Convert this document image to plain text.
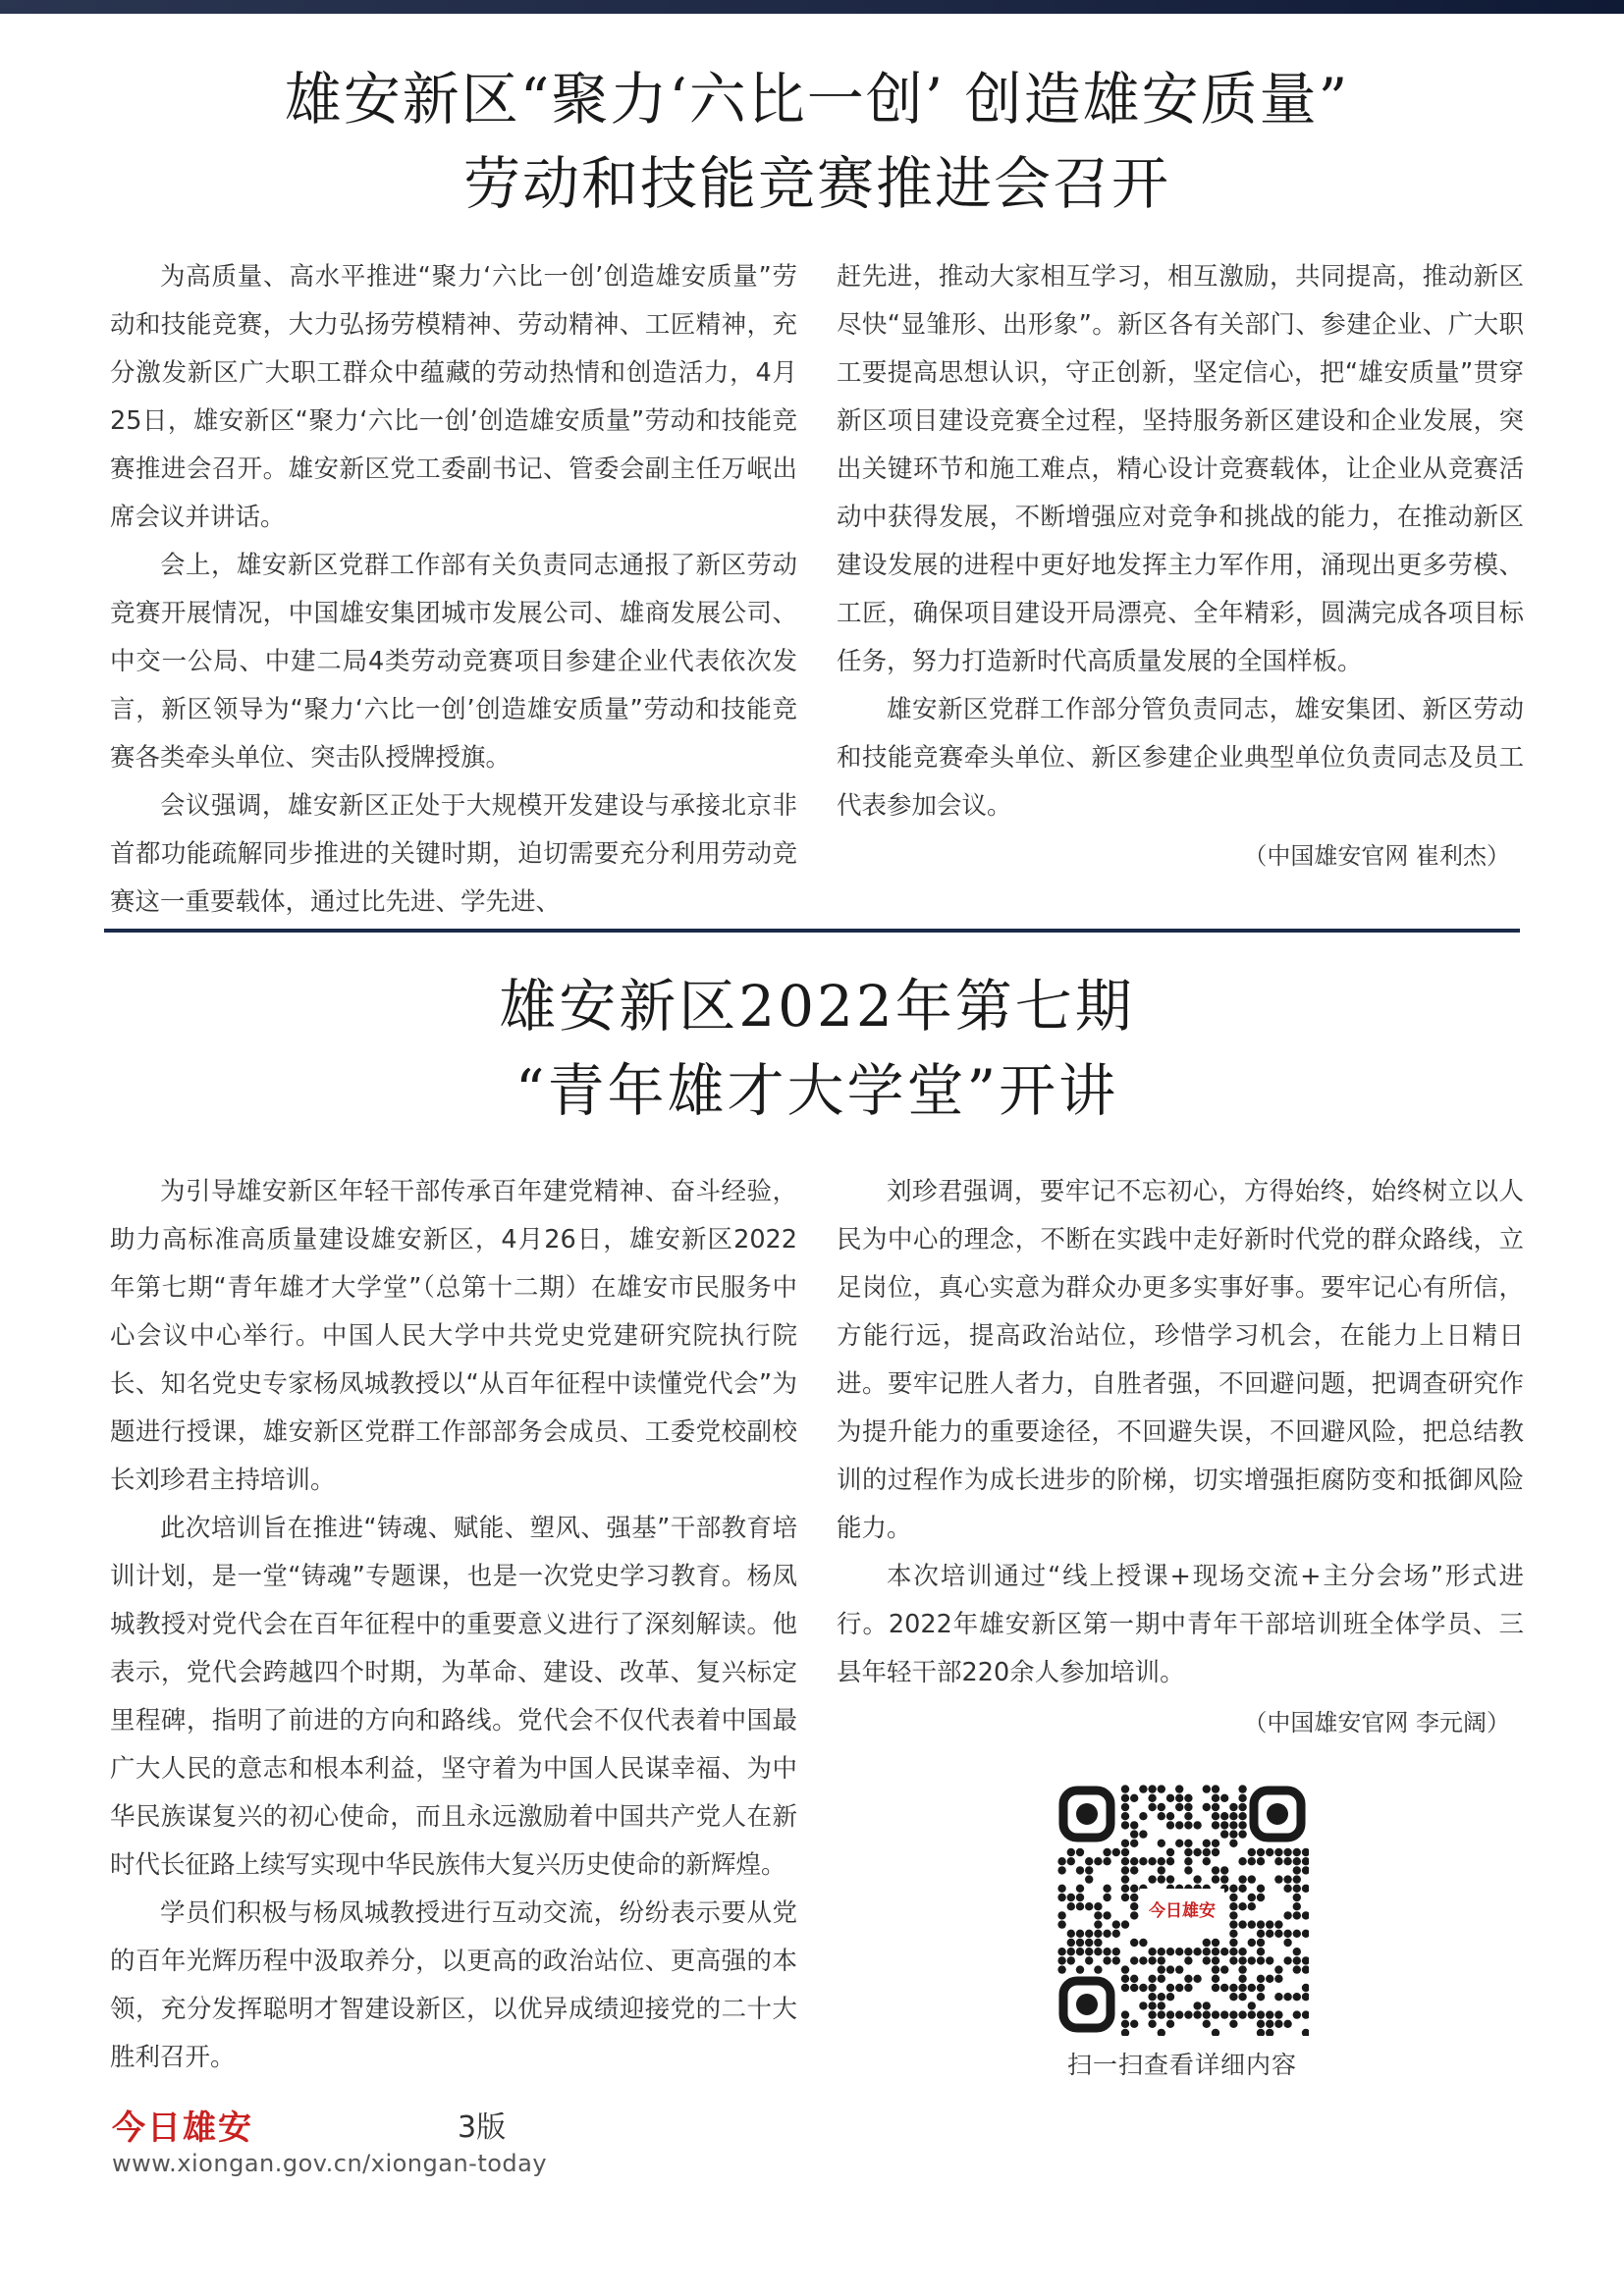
雄安新区“聚力‘六比一创’ 创造雄安质量”
劳动和技能竞赛推进会召开

为高质量、高水平推进“聚力‘六比一创’创造雄安质量”劳动和技能竞赛，大力弘扬劳模精神、劳动精神、工匠精神，充分激发新区广大职工群众中蕴藏的劳动热情和创造活力，4月25日，雄安新区“聚力‘六比一创’创造雄安质量”劳动和技能竞赛推进会召开。雄安新区党工委副书记、管委会副主任万岷出席会议并讲话。

会上，雄安新区党群工作部有关负责同志通报了新区劳动竞赛开展情况，中国雄安集团城市发展公司、雄商发展公司、中交一公局、中建二局4类劳动竞赛项目参建企业代表依次发言，新区领导为“聚力‘六比一创’创造雄安质量”劳动和技能竞赛各类牵头单位、突击队授牌授旗。

会议强调，雄安新区正处于大规模开发建设与承接北京非首都功能疏解同步推进的关键时期，迫切需要充分利用劳动竞赛这一重要载体，通过比先进、学先进、

赶先进，推动大家相互学习，相互激励，共同提高，推动新区尽快“显雏形、出形象”。新区各有关部门、参建企业、广大职工要提高思想认识，守正创新，坚定信心，把“雄安质量”贯穿新区项目建设竞赛全过程，坚持服务新区建设和企业发展，突出关键环节和施工难点，精心设计竞赛载体，让企业从竞赛活动中获得发展，不断增强应对竞争和挑战的能力，在推动新区建设发展的进程中更好地发挥主力军作用，涌现出更多劳模、工匠，确保项目建设开局漂亮、全年精彩，圆满完成各项目标任务，努力打造新时代高质量发展的全国样板。

雄安新区党群工作部分管负责同志，雄安集团、新区劳动和技能竞赛牵头单位、新区参建企业典型单位负责同志及员工代表参加会议。

（中国雄安官网 崔利杰）

雄安新区2022年第七期
“青年雄才大学堂”开讲

为引导雄安新区年轻干部传承百年建党精神、奋斗经验，助力高标准高质量建设雄安新区，4月26日，雄安新区2022年第七期“青年雄才大学堂”（总第十二期）在雄安市民服务中心会议中心举行。中国人民大学中共党史党建研究院执行院长、知名党史专家杨凤城教授以“从百年征程中读懂党代会”为题进行授课，雄安新区党群工作部部务会成员、工委党校副校长刘珍君主持培训。

此次培训旨在推进“铸魂、赋能、塑风、强基”干部教育培训计划，是一堂“铸魂”专题课，也是一次党史学习教育。杨凤城教授对党代会在百年征程中的重要意义进行了深刻解读。他表示，党代会跨越四个时期，为革命、建设、改革、复兴标定里程碑，指明了前进的方向和路线。党代会不仅代表着中国最广大人民的意志和根本利益，坚守着为中国人民谋幸福、为中华民族谋复兴的初心使命，而且永远激励着中国共产党人在新时代长征路上续写实现中华民族伟大复兴历史使命的新辉煌。

学员们积极与杨凤城教授进行互动交流，纷纷表示要从党的百年光辉历程中汲取养分，以更高的政治站位、更高强的本领，充分发挥聪明才智建设新区，以优异成绩迎接党的二十大胜利召开。

刘珍君强调，要牢记不忘初心，方得始终，始终树立以人民为中心的理念，不断在实践中走好新时代党的群众路线，立足岗位，真心实意为群众办更多实事好事。要牢记心有所信，方能行远，提高政治站位，珍惜学习机会，在能力上日精日进。要牢记胜人者力，自胜者强，不回避问题，把调查研究作为提升能力的重要途径，不回避失误，不回避风险，把总结教训的过程作为成长进步的阶梯，切实增强拒腐防变和抵御风险能力。

本次培训通过“线上授课+现场交流+主分会场”形式进行。2022年雄安新区第一期中青年干部培训班全体学员、三县年轻干部220余人参加培训。

（中国雄安官网 李元阔）

今日雄安
扫一扫查看详细内容
今日雄安	3版
www.xiongan.gov.cn/xiongan-today
